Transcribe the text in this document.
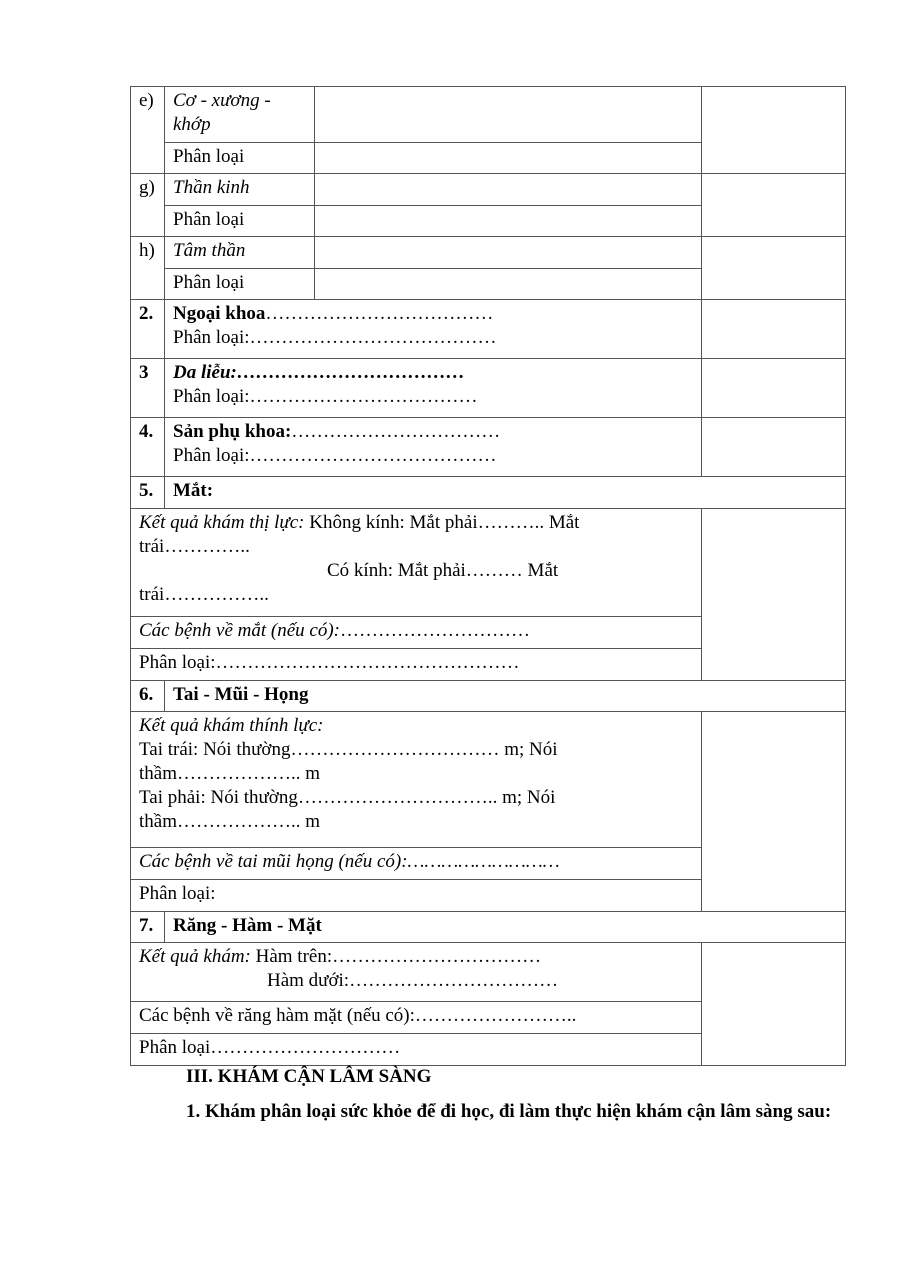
e)	Cơ - xương - khớp		
	Phân loại		
g)	Thần kinh		
	Phân loại		
h)	Tâm thần		
	Phân loại		
2.	Ngoại khoa………………………………
Phân loại:…………………………………		
3	Da liễu:………………………………
Phân loại:………………………………		
4.	Sản phụ khoa:……………………………
Phân loại:…………………………………		
5.	Mắt:		
Kết quả khám thị lực: Không kính: Mắt phải……….. Mắt
trái…………..
Có kính: Mắt phải……… Mắt
trái……………..			
Các bệnh về mắt (nếu có):…………………………			
Phân loại:…………………………………………			
6.	Tai - Mũi - Họng		
Kết quả khám thính lực:
Tai trái: Nói thường…………………………… m; Nói
thầm……………….. m
Tai phải: Nói thường………………………….. m; Nói
thầm……………….. m			
Các bệnh về tai mũi họng (nếu có):………………………			
Phân loại:			
7.	Răng - Hàm - Mặt		
Kết quả khám: Hàm trên:……………………………
Hàm dưới:……………………………			
Các bệnh về răng hàm mặt (nếu có):……………………..			
Phân loại…………………………			
III. KHÁM CẬN LÂM SÀNG
1. Khám phân loại sức khỏe để đi học, đi làm thực hiện khám cận lâm sàng sau:
